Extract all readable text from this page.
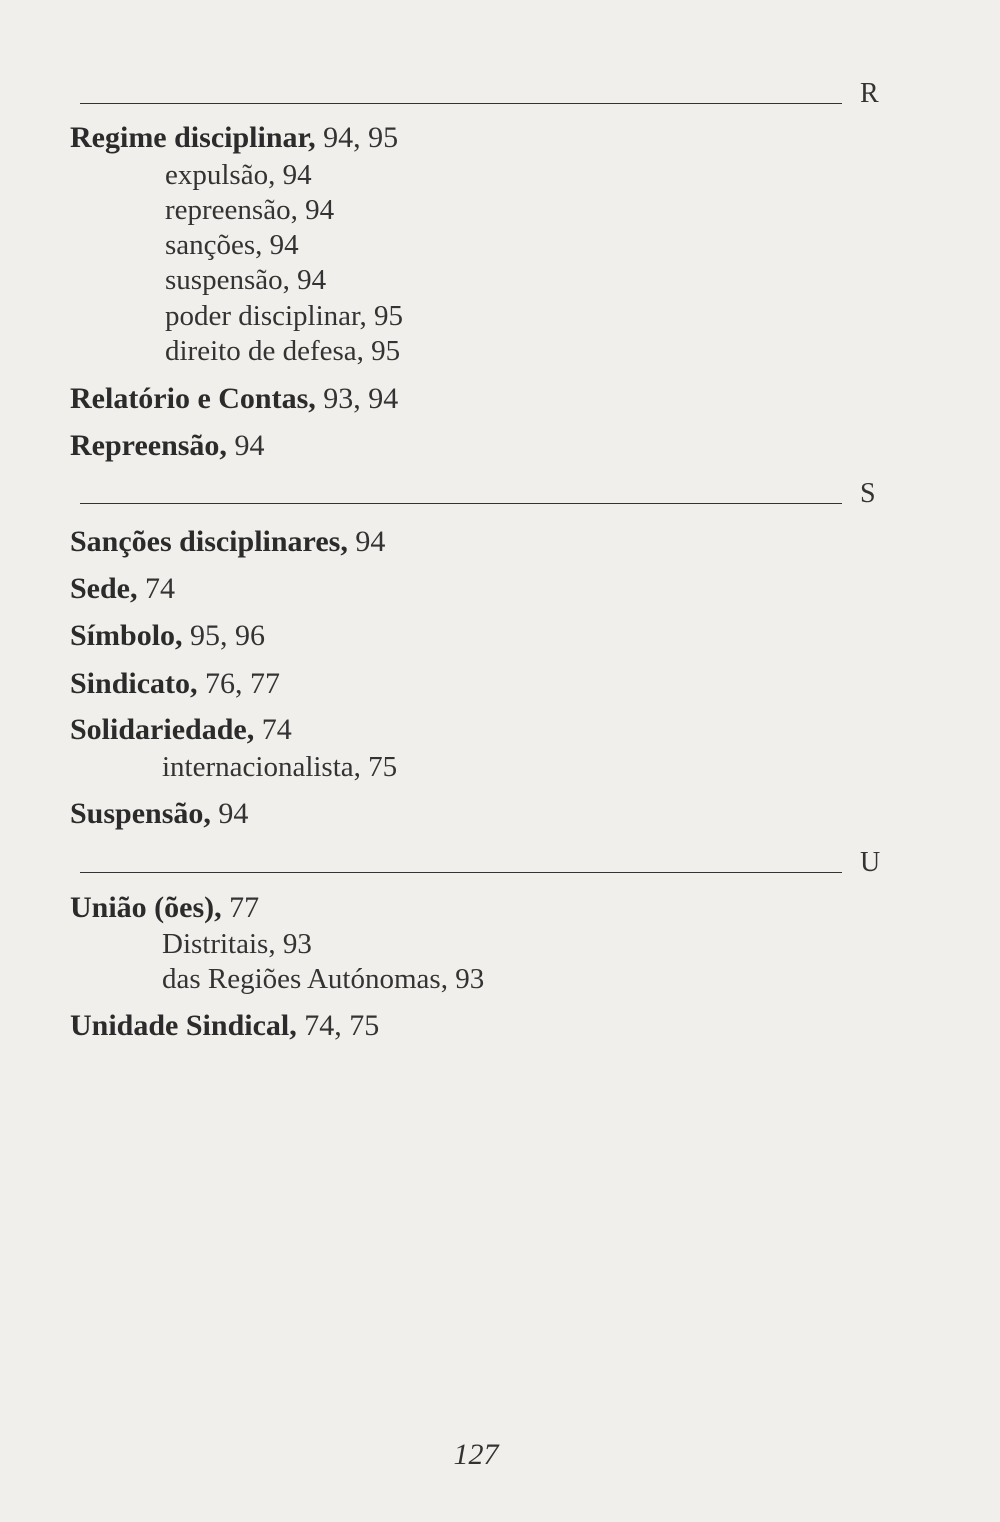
R
Regime disciplinar, 94, 95
expulsão, 94
repreensão, 94
sanções, 94
suspensão, 94
poder disciplinar, 95
direito de defesa, 95
Relatório e Contas, 93, 94
Repreensão, 94
S
Sanções disciplinares, 94
Sede, 74
Símbolo, 95, 96
Sindicato, 76, 77
Solidariedade, 74
internacionalista, 75
Suspensão, 94
U
União (ões), 77
Distritais, 93
das Regiões Autónomas, 93
Unidade Sindical, 74, 75
127
